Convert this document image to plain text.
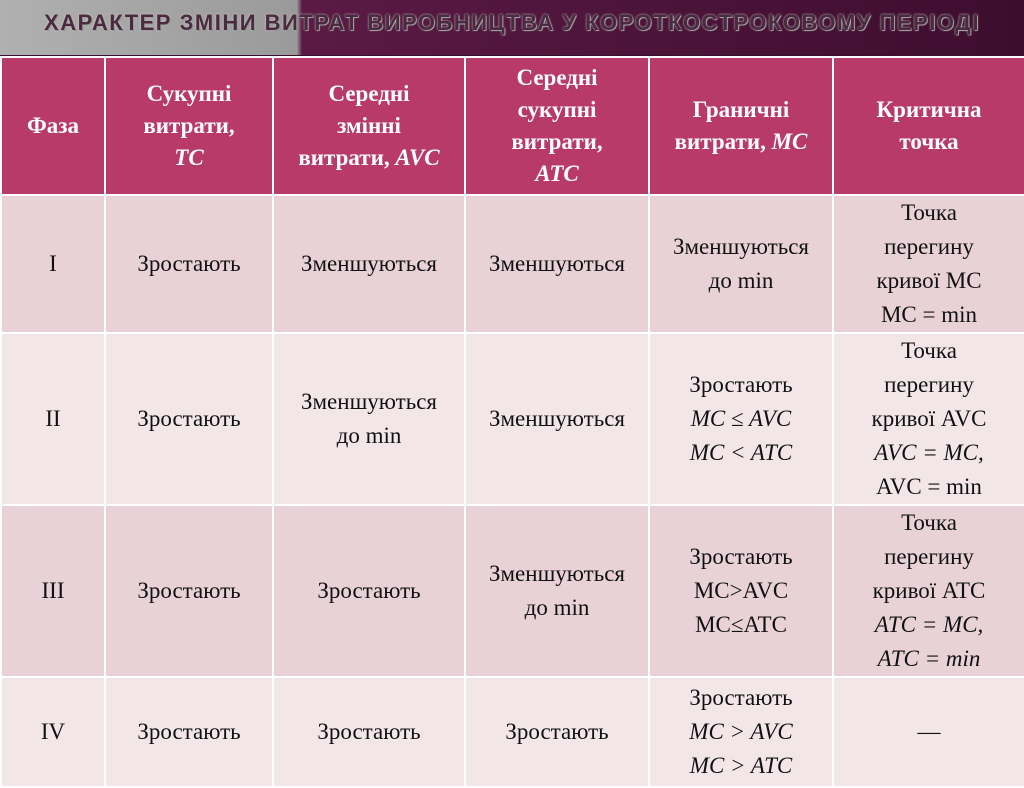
ХАРАКТЕР ЗМІНИ ВИТРАТ ВИРОБНИЦТВА У КОРОТКОСТРОКОВОМУ ПЕРІОДІ
Фаза	Сукупні
витрати,
TC	Середні
змінні
витрати, AVC	Середні
сукупні
витрати,
ATC	Граничні
витрати, MC	Критична
точка

I	Зростають	Зменшуються	Зменшуються	Зменшуються
до min	Точка
перегину
кривої MC
MC = min

II	Зростають	Зменшуються
до min	Зменшуються	Зростають
MC ≤ AVC
MC < ATC	Точка
перегину
кривої AVC
AVC = MC,
AVC = min

III	Зростають	Зростають	Зменшуються
до min	Зростають
MC>AVC
MC≤ATC	Точка
перегину
кривої ATC
ATC = MC,
ATC = min

IV	Зростають	Зростають	Зростають	Зростають
MC > AVC
MC > ATC	—
